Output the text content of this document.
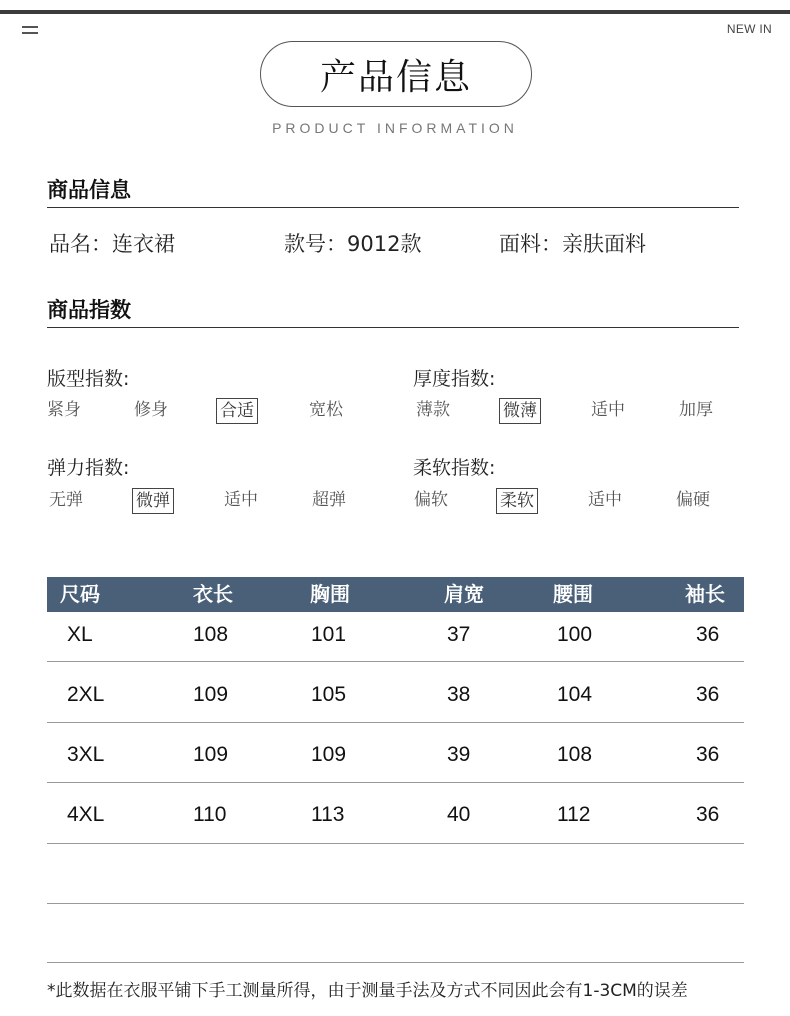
NEW IN
产品信息
PRODUCT INFORMATION
商品信息
品名：连衣裙	款号：9012款	面料：亲肤面料
商品指数
版型指数:
紧身	修身	合适	宽松
厚度指数:
薄款	微薄	适中	加厚
弹力指数:
无弹	微弹	适中	超弹
柔软指数:
偏软	柔软	适中	偏硬
尺码	衣长	胸围	肩宽	腰围	袖长
XL	108	101	37	100	36
2XL	109	105	38	104	36
3XL	109	109	39	108	36
4XL	110	113	40	112	36
*此数据在衣服平铺下手工测量所得，由于测量手法及方式不同因此会有1-3CM的误差
